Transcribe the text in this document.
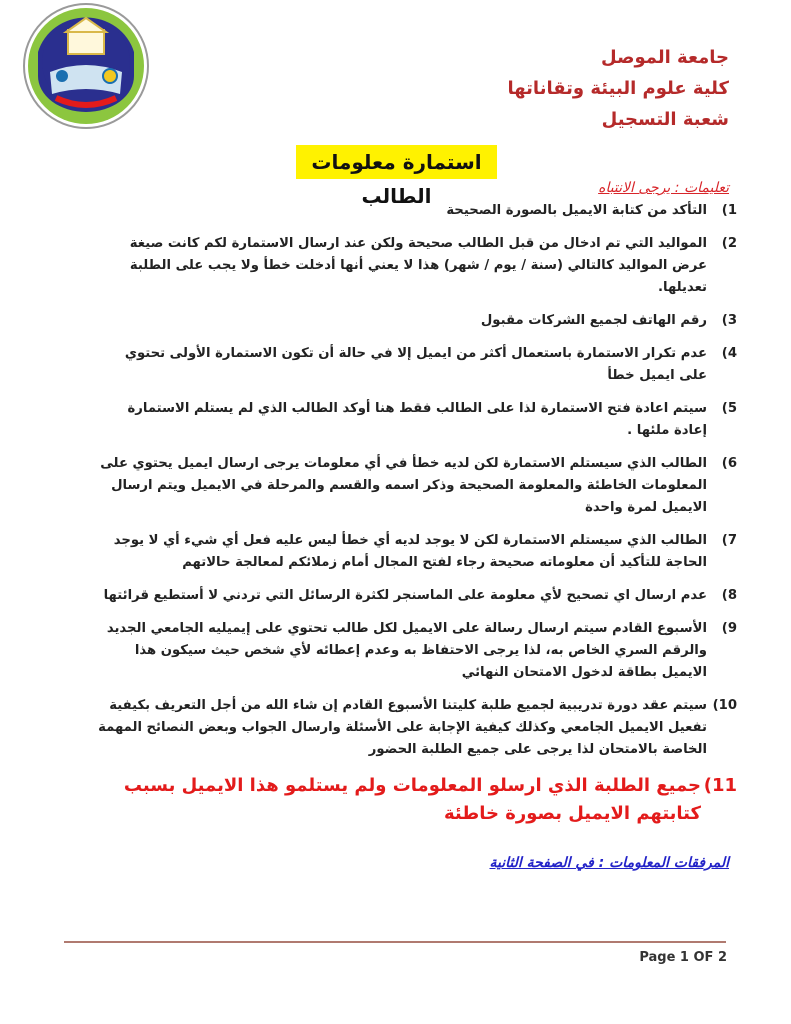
جامعة الموصل
كلية علوم البيئة وتقاناتها
شعبة التسجيل
استمارة معلومات الطالب	تعليمات : يرجى الانتباه
1)
التأكد من كتابة الايميل بالصورة الصحيحة
2)
المواليد التي تم ادخال من قبل الطالب صحيحة ولكن عند ارسال الاستمارة لكم كانت صيغة عرض المواليد كالتالي (سنة / يوم / شهر) هذا لا يعني أنها أدخلت خطأ ولا يجب على الطلبة تعديلها.
3)
رقم الهاتف لجميع الشركات مقبول
4)
عدم تكرار الاستمارة باستعمال أكثر من ايميل إلا في حالة أن تكون الاستمارة الأولى تحتوي على ايميل خطأ
5)
سيتم اعادة فتح الاستمارة لذا على الطالب فقط هنا أوكد الطالب الذي لم يستلم الاستمارة إعادة ملئها .
6)
الطالب الذي سيستلم الاستمارة لكن لديه خطأ في أي معلومات يرجى ارسال ايميل يحتوي على المعلومات الخاطئة والمعلومة الصحيحة وذكر اسمه والقسم والمرحلة في الايميل ويتم ارسال الايميل لمرة واحدة
7)
الطالب الذي سيستلم الاستمارة لكن لا يوجد لديه أي خطأ ليس عليه فعل أي شيء أي لا يوجد الحاجة للتأكيد أن معلوماته صحيحة رجاء لفتح المجال أمام زملائكم لمعالجة حالاتهم
8)
عدم ارسال اي تصحيح لأي معلومة على الماسنجر لكثرة الرسائل التي تردني لا أستطيع قرائتها
9)
الأسبوع القادم سيتم ارسال رسالة على الايميل لكل طالب تحتوي على إيميليه الجامعي الجديد والرقم السري الخاص به، لذا يرجى الاحتفاظ به وعدم إعطائه لأي شخص حيث سيكون هذا الايميل بطاقة لدخول الامتحان النهائي
10)
سيتم عقد دورة تدريبية لجميع طلبة كليتنا الأسبوع القادم إن شاء الله من أجل التعريف بكيفية تفعيل الايميل الجامعي وكذلك كيفية الإجابة على الأسئلة وارسال الجواب وبعض النصائح المهمة الخاصة بالامتحان لذا يرجى على جميع الطلبة الحضور
11)
جميع الطلبة الذي ارسلو المعلومات ولم يستلمو هذا الايميل بسبب كتابتهم الايميل بصورة خاطئة
المرفقات المعلومات : في الصفحة الثانية
Page 1 OF 2
